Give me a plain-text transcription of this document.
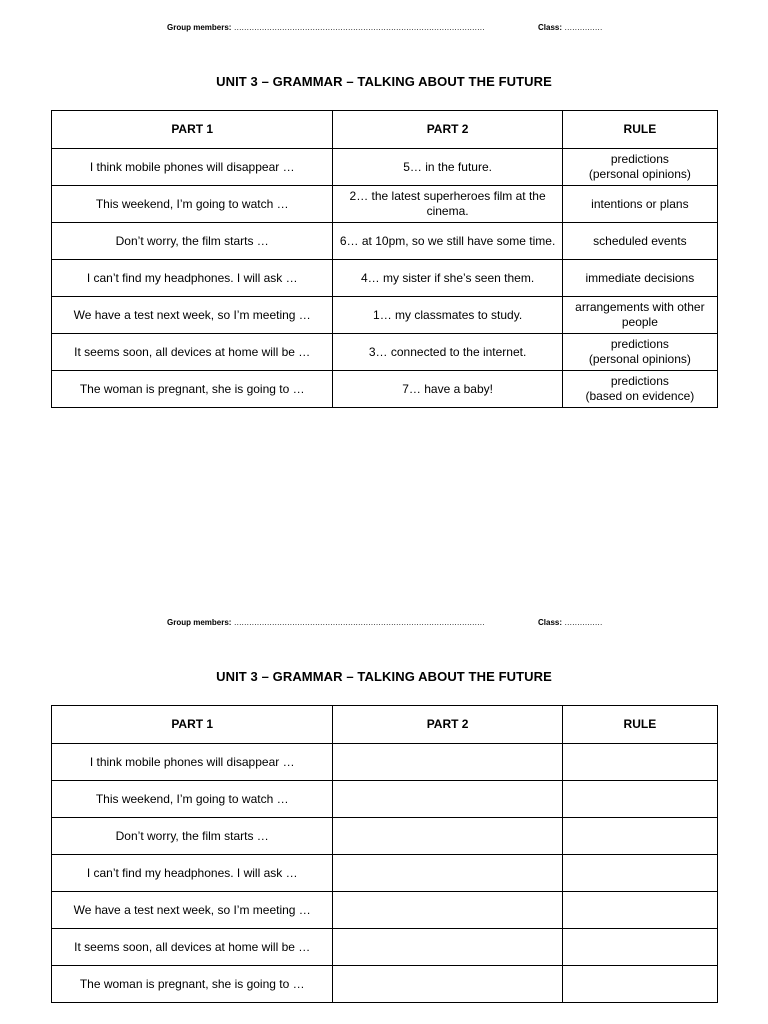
Group members: ………………………………………………………………………………………	Class: ……………
UNIT 3 – GRAMMAR – TALKING ABOUT THE FUTURE
PART 1	PART 2	RULE
I think mobile phones will disappear …	5… in the future.	predictions
(personal opinions)

This weekend, I’m going to watch …	2… the latest superheroes film at the cinema.	intentions or plans

Don’t worry, the film starts …	6… at 10pm, so we still have some time.	scheduled events

I can’t find my headphones. I will ask …	4… my sister if she’s seen them.	immediate decisions

We have a test next week, so I’m meeting …	1… my classmates to study.	arrangements with other people

It seems soon, all devices at home will be …	3… connected to the internet.	predictions
(personal opinions)

The woman is pregnant, she is going to …	7… have a baby!	predictions
(based on evidence)
Group members: ………………………………………………………………………………………	Class: ……………
UNIT 3 – GRAMMAR – TALKING ABOUT THE FUTURE
PART 1	PART 2	RULE
I think mobile phones will disappear …		
This weekend, I’m going to watch …		
Don’t worry, the film starts …		
I can’t find my headphones. I will ask …		
We have a test next week, so I’m meeting …		
It seems soon, all devices at home will be …		
The woman is pregnant, she is going to …		
